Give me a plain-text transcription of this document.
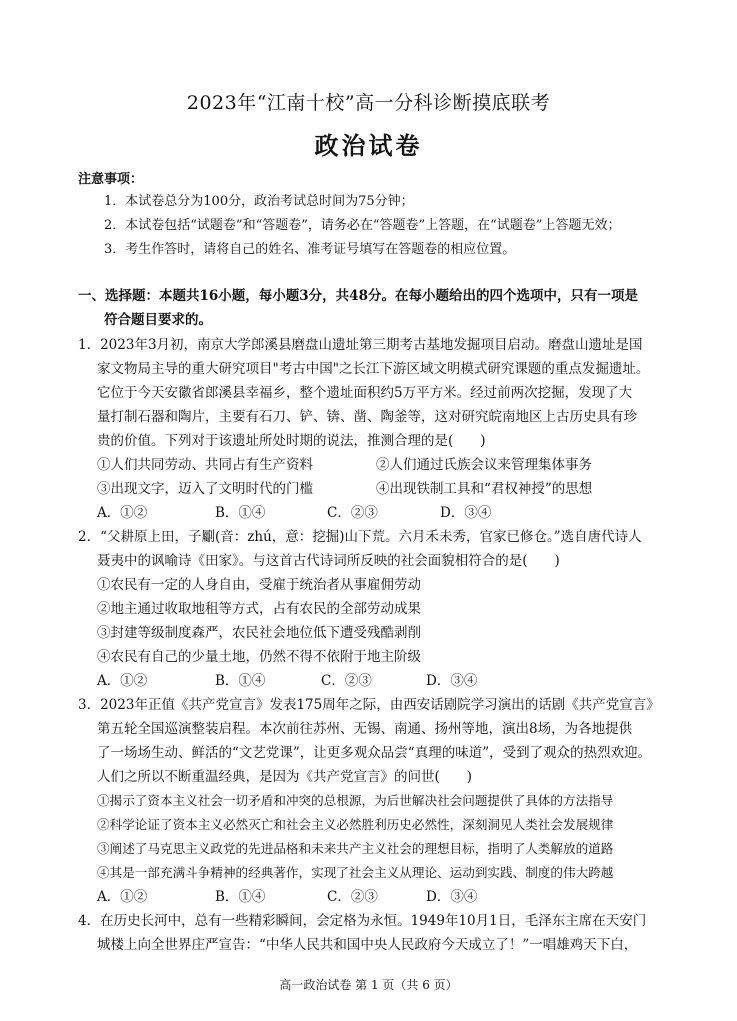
2023年“江南十校”高一分科诊断摸底联考
政治试卷
注意事项：
1．本试卷总分为100分，政治考试总时间为75分钟；
2．本试卷包括“试题卷”和“答题卷”，请务必在“答题卷”上答题，在“试题卷”上答题无效；
3．考生作答时，请将自己的姓名、准考证号填写在答题卷的相应位置。
一、选择题：本题共16小题，每小题3分，共48分。在每小题给出的四个选项中，只有一项是
符合题目要求的。
1．2023年3月初，南京大学郎溪县磨盘山遗址第三期考古基地发掘项目启动。磨盘山遗址是国
家文物局主导的重大研究项目"考古中国"之长江下游区域文明模式研究课题的重点发掘遗址。
它位于今天安徽省郎溪县幸福乡，整个遗址面积约5万平方米。经过前两次挖掘，发现了大
量打制石器和陶片，主要有石刀、铲、锛、凿、陶釜等，这对研究皖南地区上古历史具有珍
贵的价值。下列对于该遗址所处时期的说法，推测合理的是(　　)
①人们共同劳动、共同占有生产资料	②人们通过氏族会议来管理集体事务
③出现文字，迈入了文明时代的门槛	④出现铁制工具和“君权神授”的思想
A．①②	B．①④	C．②③	D．③④
2．“父耕原上田，子劚(音：zhú，意：挖掘)山下荒。六月禾未秀，官家已修仓。”选自唐代诗人
聂夷中的讽喻诗《田家》。与这首古代诗词所反映的社会面貌相符合的是(　　)
①农民有一定的人身自由，受雇于统治者从事雇佣劳动
②地主通过收取地租等方式，占有农民的全部劳动成果
③封建等级制度森严，农民社会地位低下遭受残酷剥削
④农民有自己的少量土地，仍然不得不依附于地主阶级
A．①②	B．①④	C．②③	D．③④
3．2023年正值《共产党宣言》发表175周年之际，由西安话剧院学习演出的话剧《共产党宣言》
第五轮全国巡演整装启程。本次前往苏州、无锡、南通、扬州等地，演出8场，为各地提供
了一场场生动、鲜活的“文艺党课”，让更多观众品尝“真理的味道”，受到了观众的热烈欢迎。
人们之所以不断重温经典，是因为《共产党宣言》的问世(　　)
①揭示了资本主义社会一切矛盾和冲突的总根源，为后世解决社会问题提供了具体的方法指导
②科学论证了资本主义必然灭亡和社会主义必然胜利历史必然性，深刻洞见人类社会发展规律
③阐述了马克思主义政党的先进品格和未来共产主义社会的理想目标，指明了人类解放的道路
④其是一部充满斗争精神的经典著作，实现了社会主义从理论、运动到实践、制度的伟大跨越
A．①②	B．①④	C．②③	D．③④
4．在历史长河中，总有一些精彩瞬间，会定格为永恒。1949年10月1日，毛泽东主席在天安门
城楼上向全世界庄严宣告：“中华人民共和国中央人民政府今天成立了！”一唱雄鸡天下白，
高一政治试卷 第 1 页（共 6 页）
